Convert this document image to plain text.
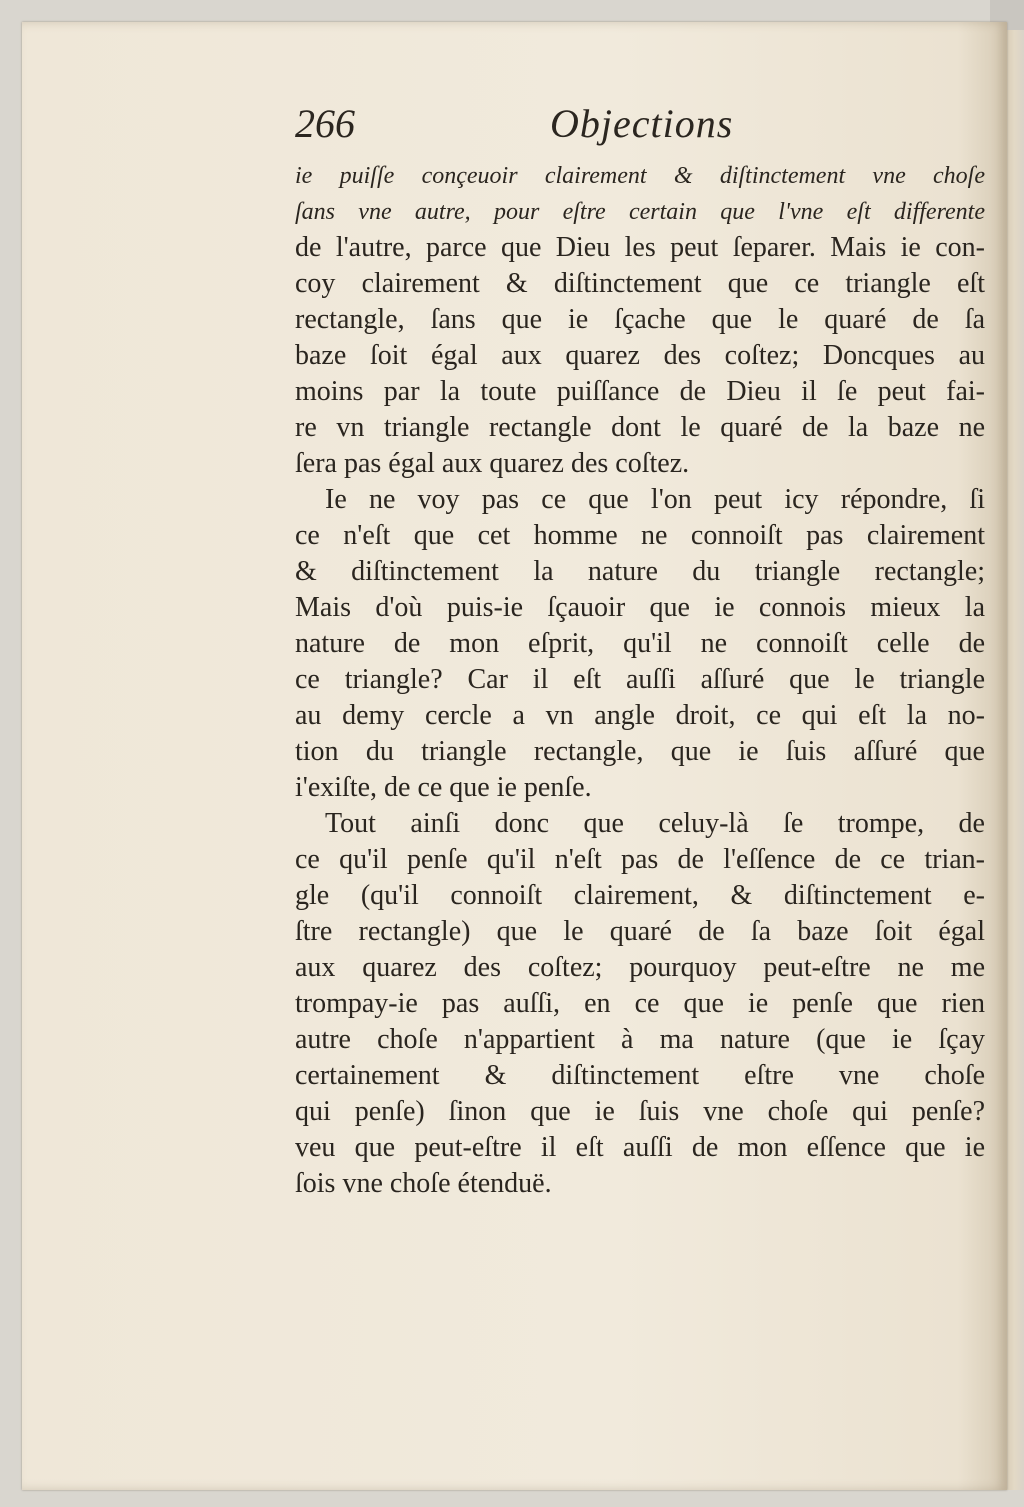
266	Objections
ie puiſſe conçeuoir clairement & diſtinctement vne choſe
ſans vne autre, pour eſtre certain que l'vne eſt differente
de l'autre, parce que Dieu les peut ſeparer. Mais ie con-
coy clairement & diſtinctement que ce triangle eſt
rectangle, ſans que ie ſçache que le quaré de ſa
baze ſoit égal aux quarez des coſtez; Doncques au
moins par la toute puiſſance de Dieu il ſe peut fai-
re vn triangle rectangle dont le quaré de la baze ne
ſera pas égal aux quarez des coſtez.
Ie ne voy pas ce que l'on peut icy répondre, ſi
ce n'eſt que cet homme ne connoiſt pas clairement
& diſtinctement la nature du triangle rectangle;
Mais d'où puis-ie ſçauoir que ie connois mieux la
nature de mon eſprit, qu'il ne connoiſt celle de
ce triangle? Car il eſt auſſi aſſuré que le triangle
au demy cercle a vn angle droit, ce qui eſt la no-
tion du triangle rectangle, que ie ſuis aſſuré que
i'exiſte, de ce que ie penſe.
Tout ainſi donc que celuy-là ſe trompe, de
ce qu'il penſe qu'il n'eſt pas de l'eſſence de ce trian-
gle (qu'il connoiſt clairement, & diſtinctement e-
ſtre rectangle) que le quaré de ſa baze ſoit égal
aux quarez des coſtez; pourquoy peut-eſtre ne me
trompay-ie pas auſſi, en ce que ie penſe que rien
autre choſe n'appartient à ma nature (que ie ſçay
certainement & diſtinctement eſtre vne choſe
qui penſe) ſinon que ie ſuis vne choſe qui penſe?
veu que peut-eſtre il eſt auſſi de mon eſſence que ie
ſois vne choſe étenduë.
